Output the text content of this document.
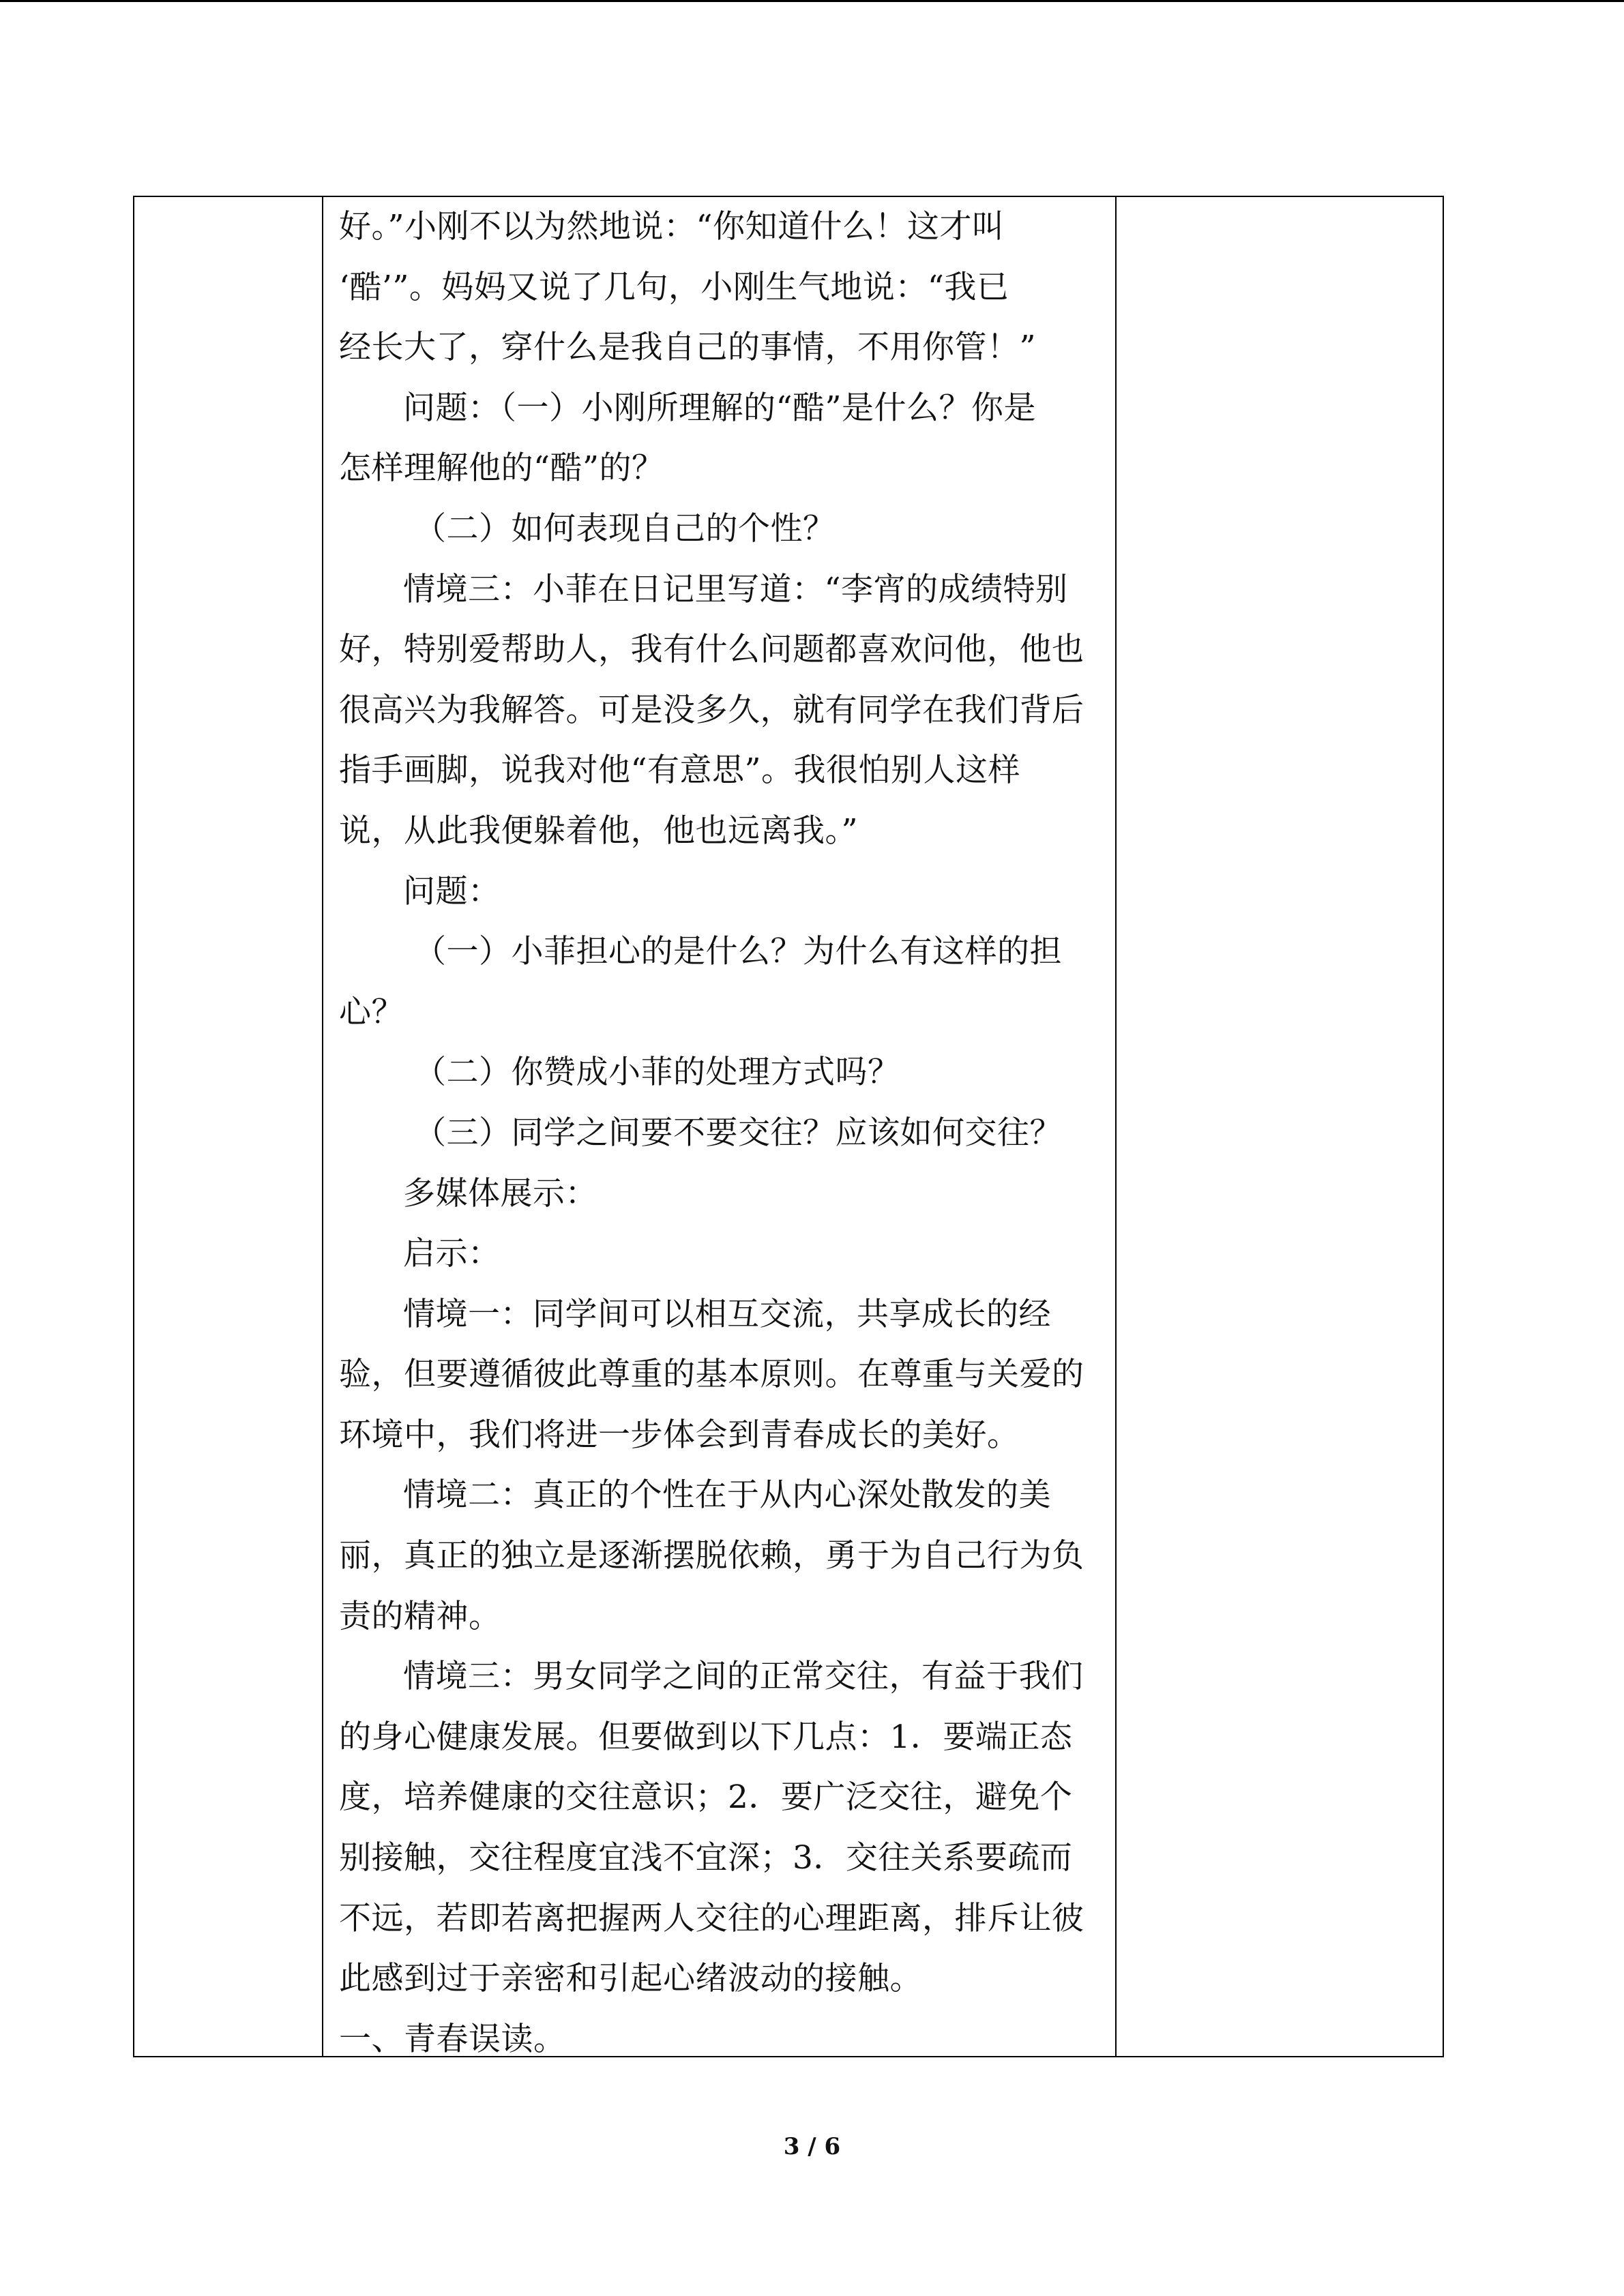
好。”小刚不以为然地说：“你知道什么！这才叫
‘酷’”。妈妈又说了几句，小刚生气地说：“我已
经长大了，穿什么是我自己的事情，不用你管！”
问题：（一）小刚所理解的“酷”是什么？你是
怎样理解他的“酷”的？
（二）如何表现自己的个性？
情境三：小菲在日记里写道：“李宵的成绩特别
好，特别爱帮助人，我有什么问题都喜欢问他，他也
很高兴为我解答。可是没多久，就有同学在我们背后
指手画脚，说我对他“有意思”。我很怕别人这样
说，从此我便躲着他，他也远离我。”
问题：
（一）小菲担心的是什么？为什么有这样的担
心？
（二）你赞成小菲的处理方式吗？
（三）同学之间要不要交往？应该如何交往？
多媒体展示：
启示：
情境一：同学间可以相互交流，共享成长的经
验，但要遵循彼此尊重的基本原则。在尊重与关爱的
环境中，我们将进一步体会到青春成长的美好。
情境二：真正的个性在于从内心深处散发的美
丽，真正的独立是逐渐摆脱依赖，勇于为自己行为负
责的精神。
情境三：男女同学之间的正常交往，有益于我们
的身心健康发展。但要做到以下几点：1．要端正态
度，培养健康的交往意识；2．要广泛交往，避免个
别接触，交往程度宜浅不宜深；3．交往关系要疏而
不远，若即若离把握两人交往的心理距离，排斥让彼
此感到过于亲密和引起心绪波动的接触。
一、青春误读。
3 / 6
